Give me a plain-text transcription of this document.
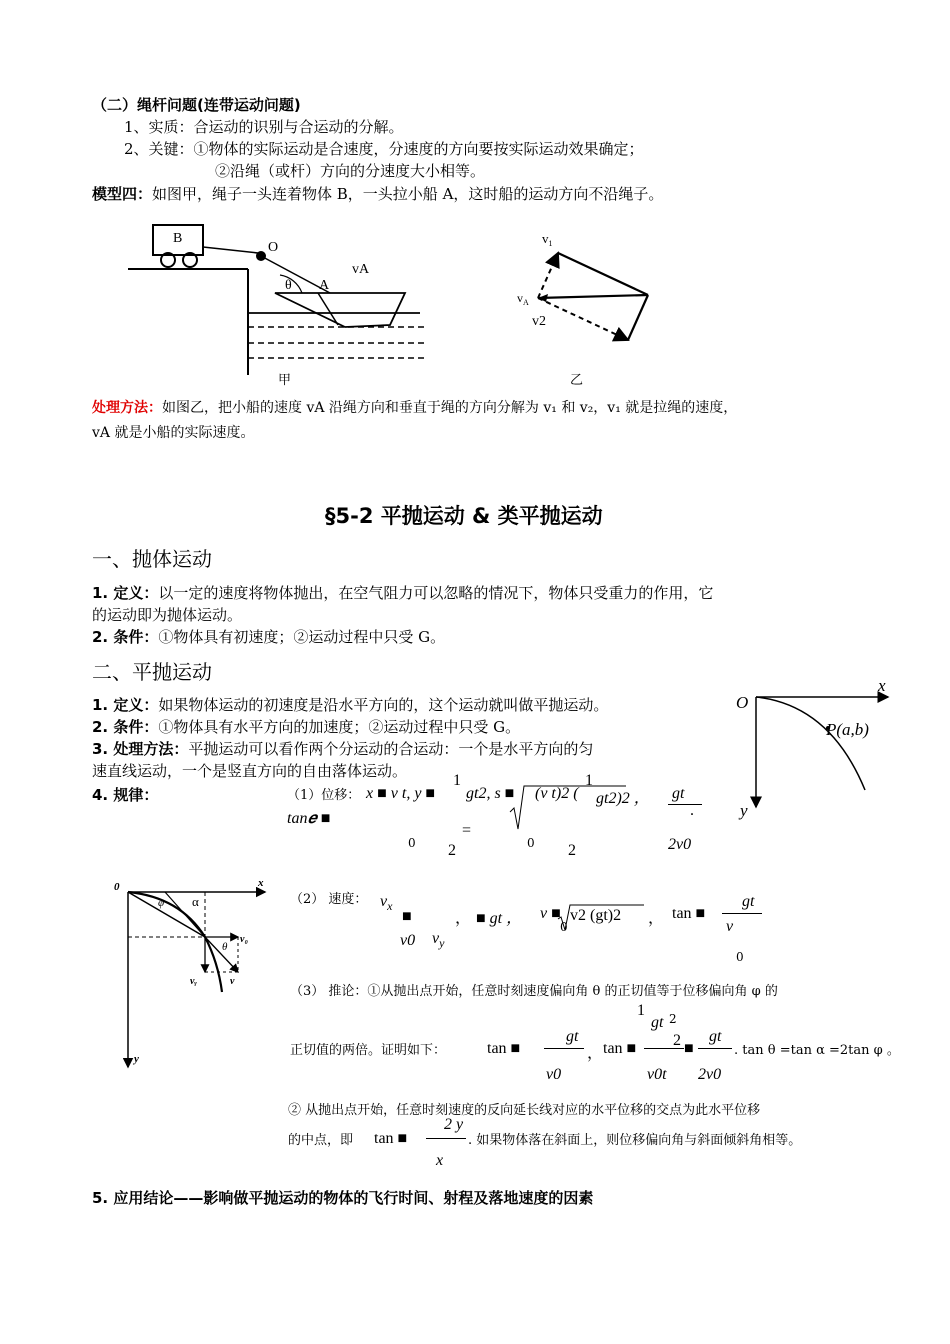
（二）绳杆问题(连带运动问题)
1、实质：合运动的识别与合运动的分解。
2、关键：①物体的实际运动是合速度，分速度的方向要按实际运动效果确定；
②沿绳（或杆）方向的分速度大小相等。
模型四：如图甲，绳子一头连着物体 B，一头拉小船 A，这时船的运动方向不沿绳子。
B
O
θ A
vA
甲
$v_1$
$v_A$
v2
乙
处理方法：如图乙，把小船的速度 vA 沿绳方向和垂直于绳的方向分解为 v₁ 和 v₂，v₁ 就是拉绳的速度，
vA 就是小船的实际速度。
§5-2 平抛运动 & 类平抛运动
一、抛体运动
1. 定义：以一定的速度将物体抛出，在空气阻力可以忽略的情况下，物体只受重力的作用，它
的运动即为抛体运动。
2. 条件：①物体具有初速度；②运动过程中只受 G。
二、平抛运动
1. 定义：如果物体运动的初速度是沿水平方向的，这个运动就叫做平抛运动。
2. 条件：①物体具有水平方向的加速度；②运动过程中只受 G。
3. 处理方法：平抛运动可以看作两个分运动的合运动：一个是水平方向的匀
速直线运动，一个是竖直方向的自由落体运动。
4. 规律：
O
x
y
P(a,b)
（1）位移： x ■ v t, y ■
1
gt2, s ■ (v t)2 (
1
gt2)2 ， gt
.
tan𝒆 ■
=
0 2	0 2	2v0
0	x
y
α
φ
θ
v₀
vᵧ	v
（2） 速度： $v_x$
■	，
v0 $v_y$
■ gt ， v ■ v2 (gt)2
0	， tan ■
gt
v
0
（3） 推论：①从抛出点开始，任意时刻速度偏向角 θ 的正切值等于位移偏向角 φ 的
正切值的两倍。证明如下：	tan ■
gt
v0
， tan ■
1
gt 2
2
v0t
■
gt
2v0
. tan θ =tan α =2tan φ 。
② 从抛出点开始，任意时刻速度的反向延长线对应的水平位移的交点为此水平位移
的中点，即 tan ■
2 y
x
. 如果物体落在斜面上，则位移偏向角与斜面倾斜角相等。
5. 应用结论——影响做平抛运动的物体的飞行时间、射程及落地速度的因素
